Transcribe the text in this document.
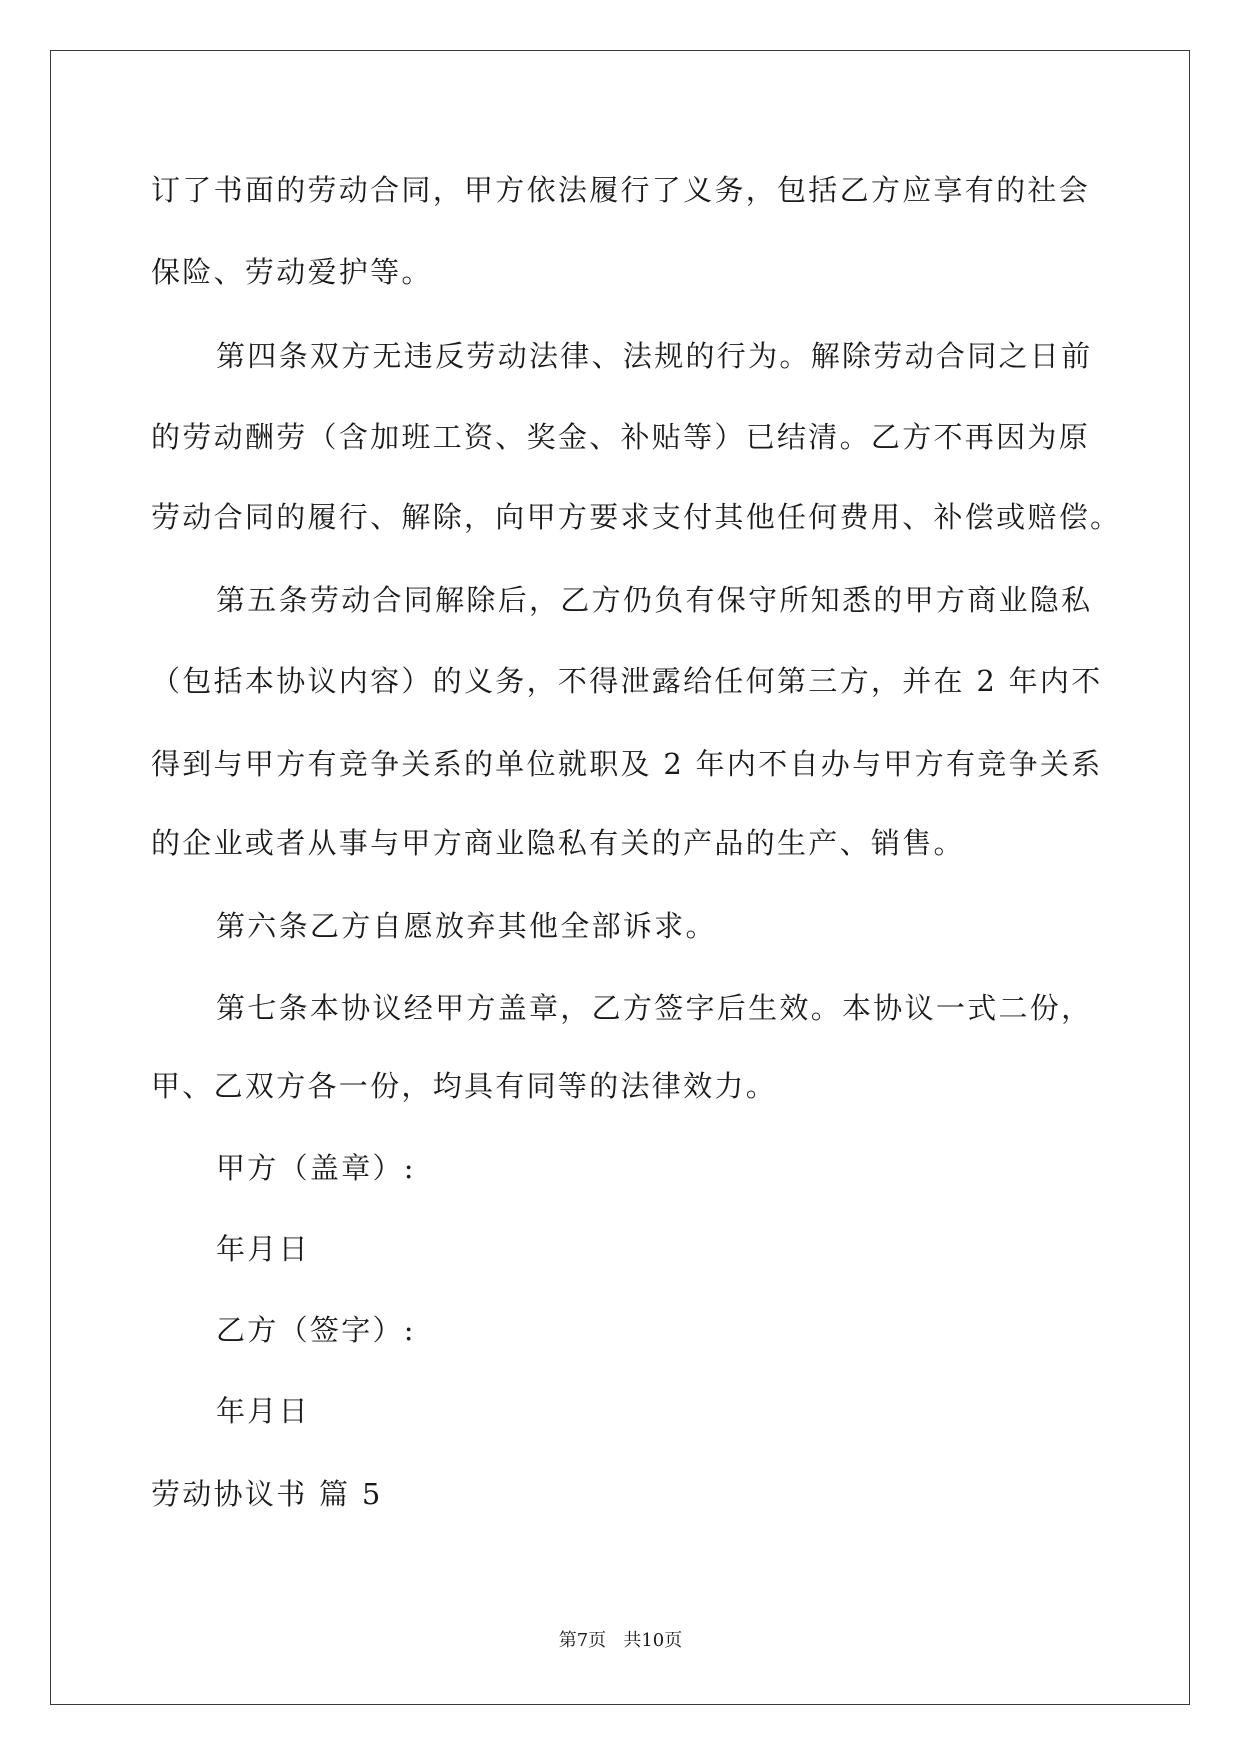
订了书面的劳动合同，甲方依法履行了义务，包括乙方应享有的社会
保险、劳动爱护等。
第四条双方无违反劳动法律、法规的行为。解除劳动合同之日前
的劳动酬劳（含加班工资、奖金、补贴等）已结清。乙方不再因为原
劳动合同的履行、解除，向甲方要求支付其他任何费用、补偿或赔偿。
第五条劳动合同解除后，乙方仍负有保守所知悉的甲方商业隐私
（包括本协议内容）的义务，不得泄露给任何第三方，并在 2 年内不
得到与甲方有竞争关系的单位就职及 2 年内不自办与甲方有竞争关系
的企业或者从事与甲方商业隐私有关的产品的生产、销售。
第六条乙方自愿放弃其他全部诉求。
第七条本协议经甲方盖章，乙方签字后生效。本协议一式二份，
甲、乙双方各一份，均具有同等的法律效力。
甲方（盖章）:
年月日
乙方（签字）:
年月日
劳动协议书 篇 5
第7页   共10页
